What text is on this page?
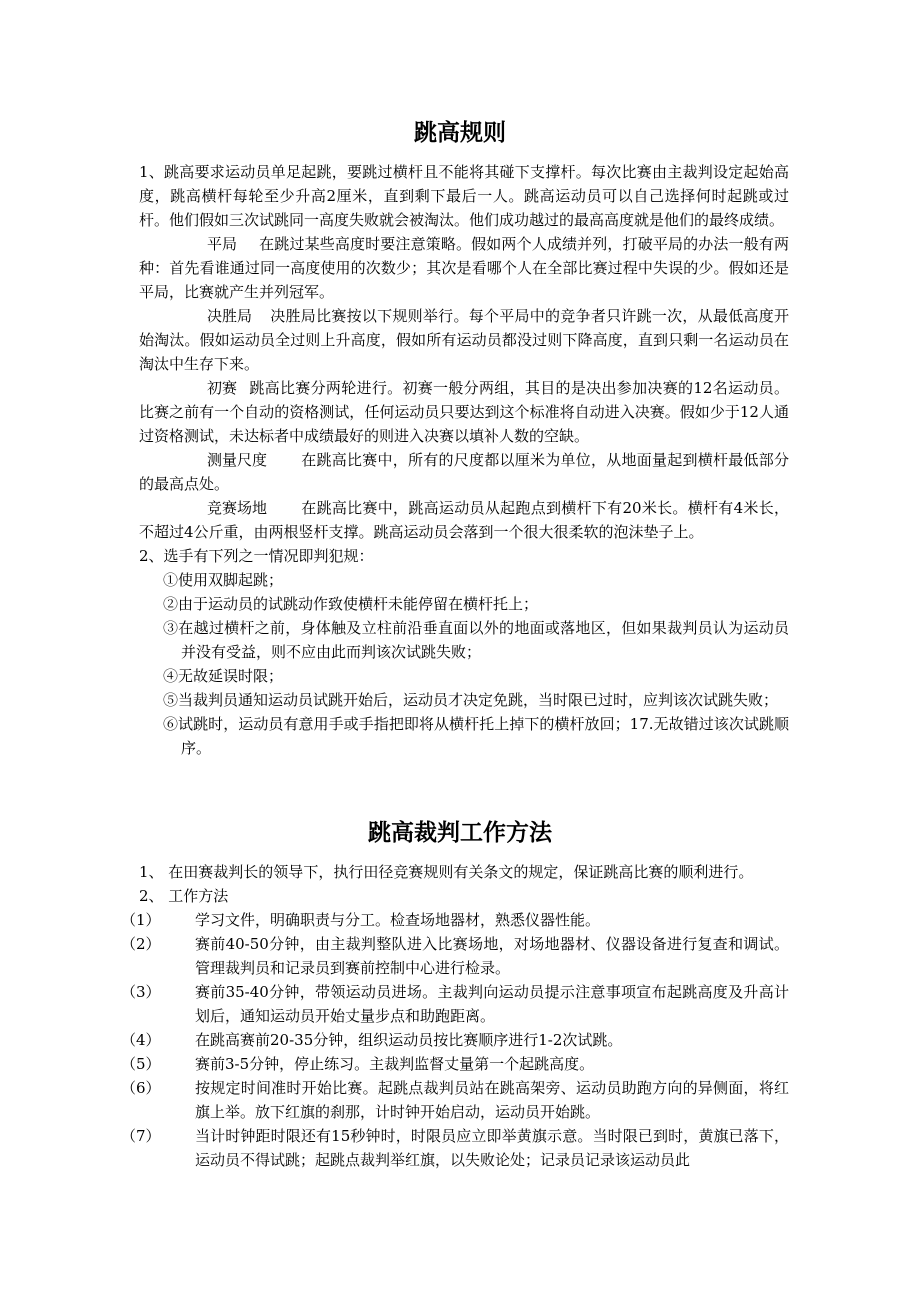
跳高规则

1、跳高要求运动员单足起跳，要跳过横杆且不能将其碰下支撑杆。每次比赛由主裁判设定起始高度，跳高横杆每轮至少升高2厘米，直到剩下最后一人。跳高运动员可以自己选择何时起跳或过杆。他们假如三次试跳同一高度失败就会被淘汰。他们成功越过的最高高度就是他们的最终成绩。

平局 在跳过某些高度时要注意策略。假如两个人成绩并列，打破平局的办法一般有两种：首先看谁通过同一高度使用的次数少；其次是看哪个人在全部比赛过程中失误的少。假如还是平局，比赛就产生并列冠军。

决胜局 决胜局比赛按以下规则举行。每个平局中的竞争者只许跳一次，从最低高度开始淘汰。假如运动员全过则上升高度，假如所有运动员都没过则下降高度，直到只剩一名运动员在淘汰中生存下来。

初赛 跳高比赛分两轮进行。初赛一般分两组，其目的是决出参加决赛的12名运动员。比赛之前有一个自动的资格测试，任何运动员只要达到这个标准将自动进入决赛。假如少于12人通过资格测试，未达标者中成绩最好的则进入决赛以填补人数的空缺。

测量尺度 在跳高比赛中，所有的尺度都以厘米为单位，从地面量起到横杆最低部分的最高点处。

竞赛场地 在跳高比赛中，跳高运动员从起跑点到横杆下有20米长。横杆有4米长，不超过4公斤重，由两根竖杆支撑。跳高运动员会落到一个很大很柔软的泡沫垫子上。

2、选手有下列之一情况即判犯规：

①使用双脚起跳；

②由于运动员的试跳动作致使横杆未能停留在横杆托上；

③在越过横杆之前，身体触及立柱前沿垂直面以外的地面或落地区，但如果裁判员认为运动员并没有受益，则不应由此而判该次试跳失败；

④无故延误时限；

⑤当裁判员通知运动员试跳开始后，运动员才决定免跳，当时限已过时，应判该次试跳失败；

⑥试跳时，运动员有意用手或手指把即将从横杆托上掉下的横杆放回；17.无故错过该次试跳顺序。

跳高裁判工作方法

1、 在田赛裁判长的领导下，执行田径竞赛规则有关条文的规定，保证跳高比赛的顺利进行。

2、 工作方法

（1）	学习文件，明确职责与分工。检查场地器材，熟悉仪器性能。

（2）	赛前40-50分钟，由主裁判整队进入比赛场地，对场地器材、仪器设备进行复查和调试。管理裁判员和记录员到赛前控制中心进行检录。

（3）	赛前35-40分钟，带领运动员进场。主裁判向运动员提示注意事项宣布起跳高度及升高计划后，通知运动员开始丈量步点和助跑距离。

（4）	在跳高赛前20-35分钟，组织运动员按比赛顺序进行1-2次试跳。

（5）	赛前3-5分钟，停止练习。主裁判监督丈量第一个起跳高度。

（6）	按规定时间准时开始比赛。起跳点裁判员站在跳高架旁、运动员助跑方向的异侧面，将红旗上举。放下红旗的刹那，计时钟开始启动，运动员开始跳。

（7）	当计时钟距时限还有15秒钟时，时限员应立即举黄旗示意。当时限已到时，黄旗已落下，运动员不得试跳；起跳点裁判举红旗，以失败论处；记录员记录该运动员此
